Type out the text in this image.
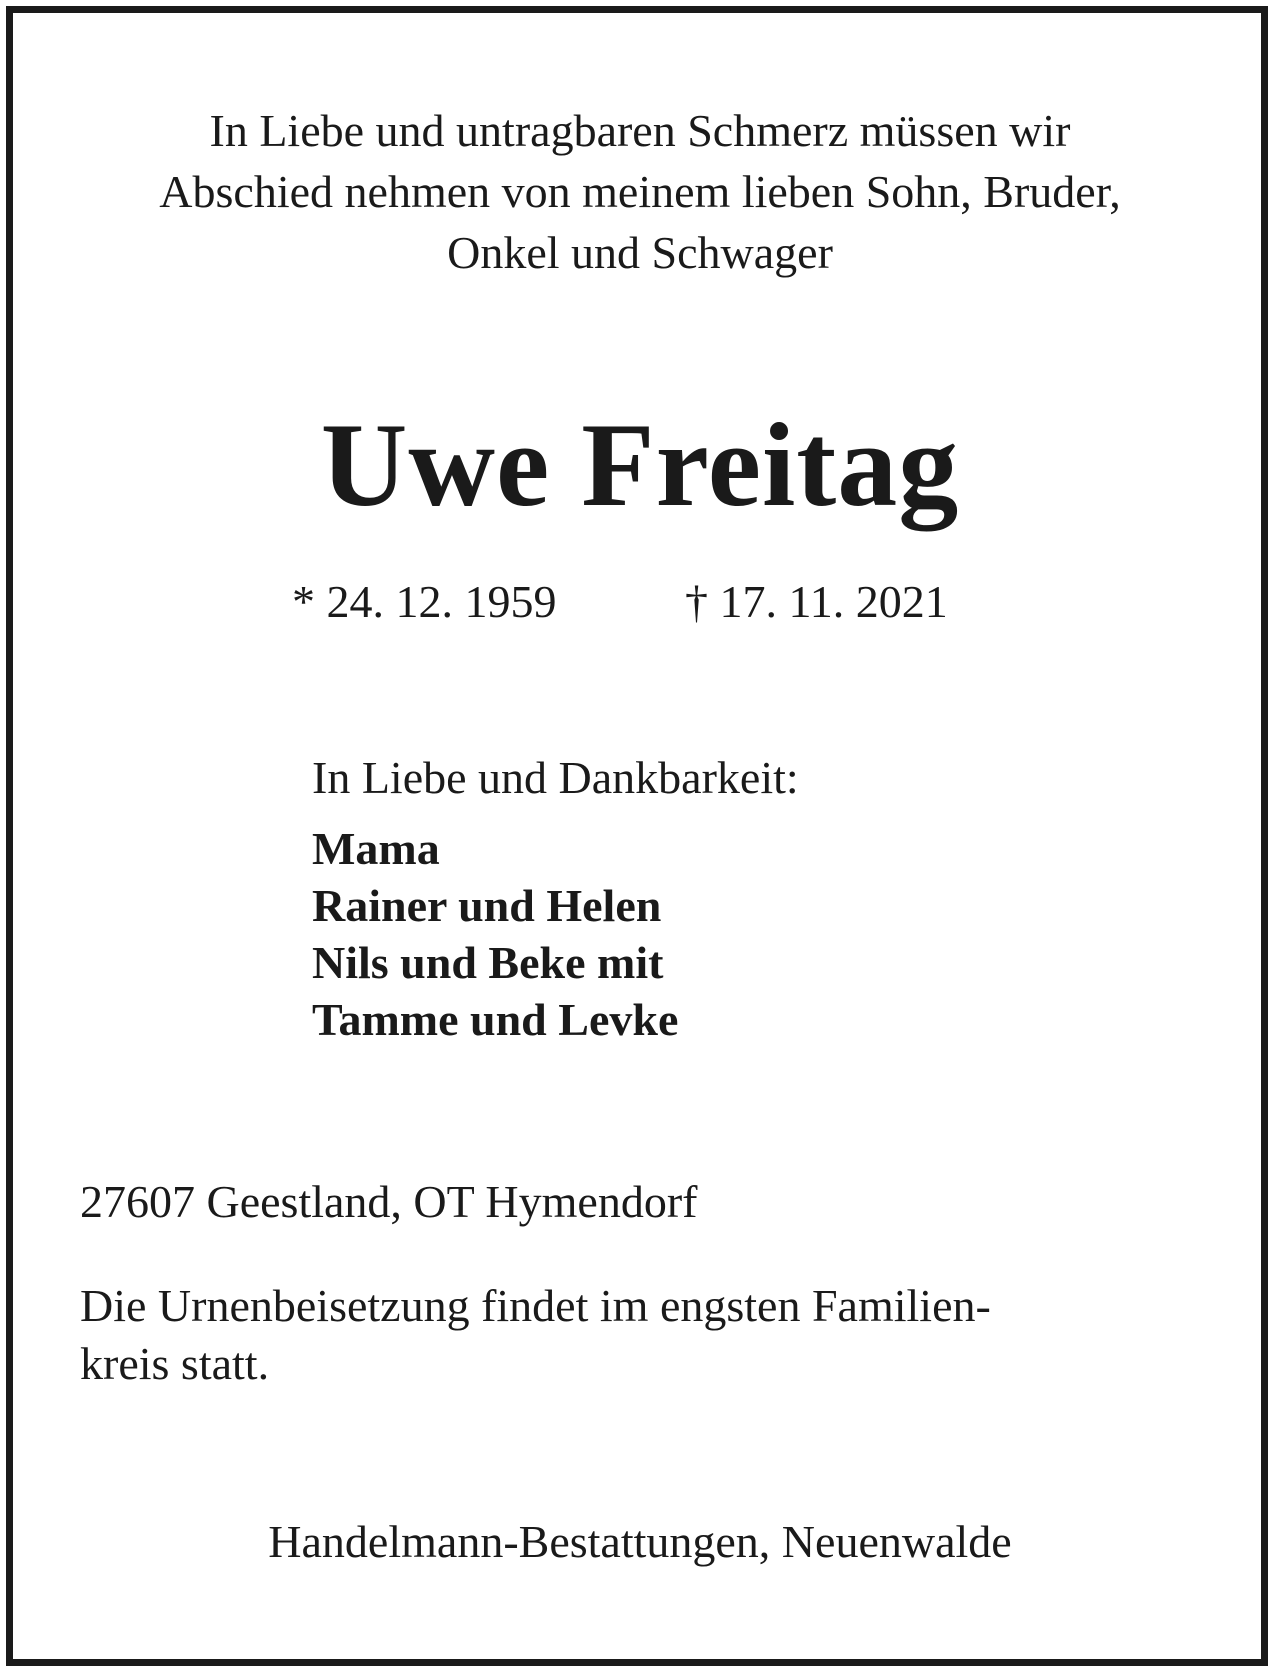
In Liebe und untragbaren Schmerz müssen wir
Abschied nehmen von meinem lieben Sohn, Bruder,
Onkel und Schwager
Uwe Freitag
* 24. 12. 1959	† 17. 11. 2021
In Liebe und Dankbarkeit:
Mama
Rainer und Helen
Nils und Beke mit
Tamme und Levke
27607 Geestland, OT Hymendorf
Die Urnenbeisetzung findet im engsten Familien-
kreis statt.
Handelmann-Bestattungen, Neuenwalde
